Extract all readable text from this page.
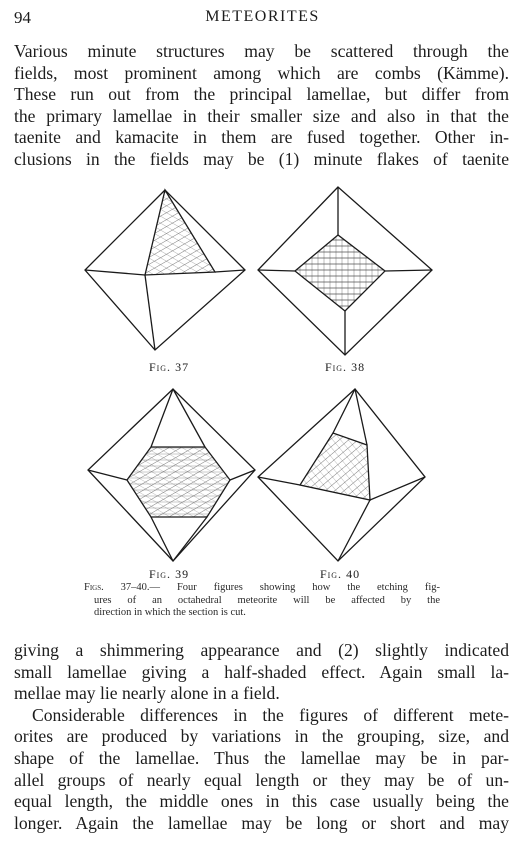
94	METEORITES
Various minute structures may be scattered through the
fields, most prominent among which are combs (Kämme).
These run out from the principal lamellae, but differ from
the primary lamellae in their smaller size and also in that the
taenite and kamacite in them are fused together. Other in-
clusions in the fields may be (1) minute flakes of taenite
Fig. 37	Fig. 38
Fig. 39	Fig. 40
Figs. 37–40.— Four figures showing how the etching fig-
ures of an octahedral meteorite will be affected by the
direction in which the section is cut.
giving a shimmering appearance and (2) slightly indicated
small lamellae giving a half-shaded effect. Again small la-
mellae may lie nearly alone in a field.
Considerable differences in the figures of different mete-
orites are produced by variations in the grouping, size, and
shape of the lamellae. Thus the lamellae may be in par-
allel groups of nearly equal length or they may be of un-
equal length, the middle ones in this case usually being the
longer. Again the lamellae may be long or short and may
